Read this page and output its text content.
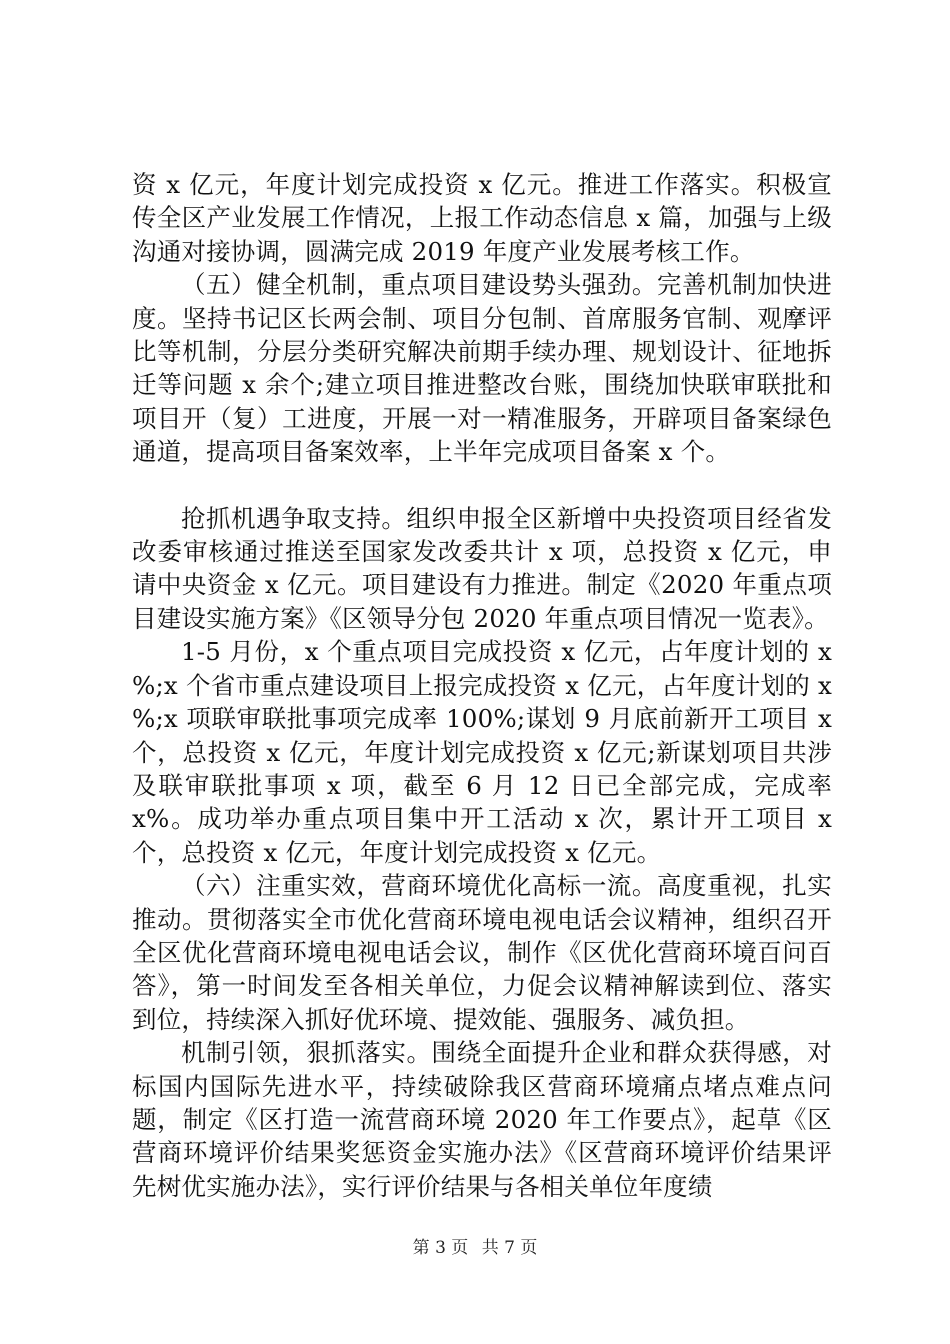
资 x 亿元，年度计划完成投资 x 亿元。推进工作落实。积极宣传全区产业发展工作情况，上报工作动态信息 x 篇，加强与上级沟通对接协调，圆满完成 2019 年度产业发展考核工作。

（五）健全机制，重点项目建设势头强劲。完善机制加快进度。坚持书记区长两会制、项目分包制、首席服务官制、观摩评比等机制，分层分类研究解决前期手续办理、规划设计、征地拆迁等问题 x 余个;建立项目推进整改台账，围绕加快联审联批和项目开（复）工进度，开展一对一精准服务，开辟项目备案绿色通道，提高项目备案效率，上半年完成项目备案 x 个。

抢抓机遇争取支持。组织申报全区新增中央投资项目经省发改委审核通过推送至国家发改委共计 x 项，总投资 x 亿元，申请中央资金 x 亿元。项目建设有力推进。制定《2020 年重点项目建设实施方案》《区领导分包 2020 年重点项目情况一览表》。

1-5 月份，x 个重点项目完成投资 x 亿元，占年度计划的 x %;x 个省市重点建设项目上报完成投资 x 亿元，占年度计划的 x %;x 项联审联批事项完成率 100%;谋划 9 月底前新开工项目 x 个，总投资 x 亿元，年度计划完成投资 x 亿元;新谋划项目共涉及联审联批事项 x 项，截至 6 月 12 日已全部完成，完成率 x%。成功举办重点项目集中开工活动 x 次，累计开工项目 x 个，总投资 x 亿元，年度计划完成投资 x 亿元。

（六）注重实效，营商环境优化高标一流。高度重视，扎实推动。贯彻落实全市优化营商环境电视电话会议精神，组织召开全区优化营商环境电视电话会议，制作《区优化营商环境百问百答》，第一时间发至各相关单位，力促会议精神解读到位、落实到位，持续深入抓好优环境、提效能、强服务、减负担。

机制引领，狠抓落实。围绕全面提升企业和群众获得感，对标国内国际先进水平，持续破除我区营商环境痛点堵点难点问题，制定《区打造一流营商环境 2020 年工作要点》，起草《区营商环境评价结果奖惩资金实施办法》《区营商环境评价结果评先树优实施办法》，实行评价结果与各相关单位年度绩

第 3 页 共 7 页
